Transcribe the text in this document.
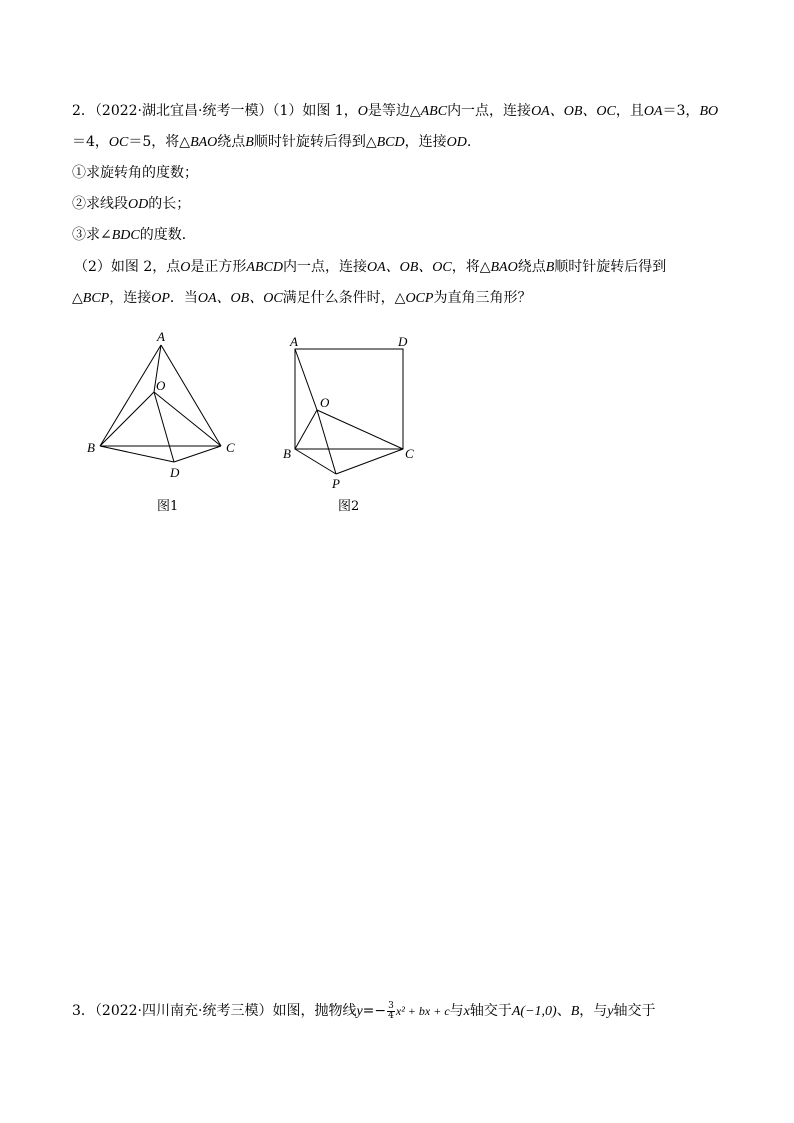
2．（2022·湖北宜昌·统考一模）（1）如图 1，O是等边△ABC内一点，连接OA、OB、OC，且OA＝3，BO
＝4，OC＝5，将△BAO绕点B顺时针旋转后得到△BCD，连接OD.
①求旋转角的度数；
②求线段OD的长；
③求∠BDC的度数．
（2）如图 2，点O是正方形ABCD内一点，连接OA、OB、OC，将△BAO绕点B顺时针旋转后得到
△BCP，连接OP．当OA、OB、OC满足什么条件时，△OCP为直角三角形？
A
O
B	C
D
图1
A	D
O
B	C
P
图2
3．（2022·四川南充·统考三模）如图，抛物线$y=- \frac{3}{4} x^2$ + bx + c与x轴交于A(−1,0)、B，与y轴交于
